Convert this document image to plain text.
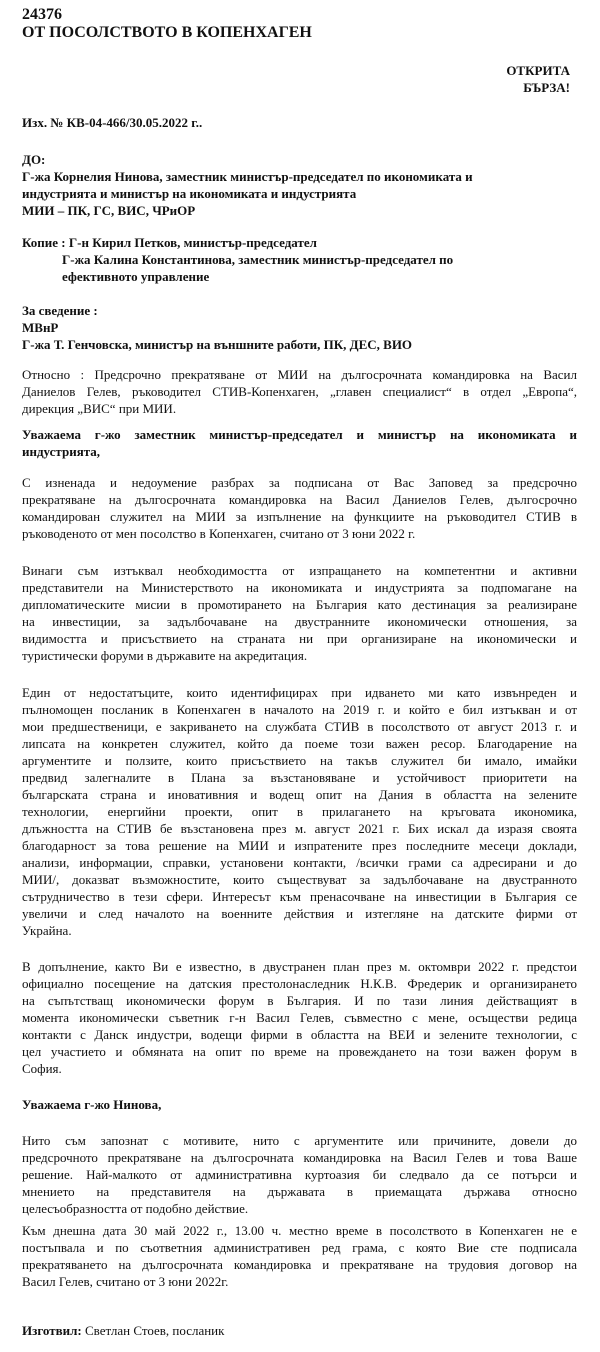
24376
ОТ ПОСОЛСТВОТО В КОПЕНХАГЕН
ОТКРИТА
БЪРЗА!
Изх. № КВ-04-466/30.05.2022 г..
ДО:
Г-жа Корнелия Нинова, заместник министър-председател по икономиката и
индустрията и министър на икономиката и индустрията
МИИ – ПК, ГС, ВИС, ЧРиОР
Копие : Г-н Кирил Петков, министър-председател
Г-жа Калина Константинова, заместник министър-председател по
ефективното управление
За сведение :
МВнР
Г-жа Т. Генчовска, министър на външните работи, ПК, ДЕС, ВИО
Относно : Предсрочно прекратяване от МИИ на дългосрочната командировка на Васил
Даниелов Гелев, ръководител СТИВ-Копенхаген, „главен специалист“ в отдел „Европа“,
дирекция „ВИС“ при МИИ.
Уважаема г-жо заместник министър-председател и министър на икономиката и
индустрията,
С изненада и недоумение разбрах за подписана от Вас Заповед за предсрочно
прекратяване на дългосрочната командировка на Васил Даниелов Гелев, дългосрочно
командирован служител на МИИ за изпълнение на функциите на ръководител СТИВ в
ръководеното от мен посолство в Копенхаген, считано от 3 юни 2022 г.
Винаги съм изтъквал необходимостта от изпращането на компетентни и активни
представители на Министерството на икономиката и индустрията за подпомагане на
дипломатическите мисии в промотирането на България като дестинация за реализиране
на инвестиции, за задълбочаване на двустранните икономически отношения, за
видимостта и присъствието на страната ни при организиране на икономически и
туристически форуми в държавите на акредитация.
Един от недостатъците, които идентифицирах при идването ми като извънреден и
пълномощен посланик в Копенхаген в началото на 2019 г. и който е бил изтъкван и от
мои предшественици, е закриването на службата СТИВ в посолството от август 2013 г. и
липсата на конкретен служител, който да поеме този важен ресор. Благодарение на
аргументите и ползите, които присъствието на такъв служител би имало, имайки
предвид залегналите в Плана за възстановяване и устойчивост приоритети на
българската страна и иновативния и водещ опит на Дания в областта на зелените
технологии, енергийни проекти, опит в прилагането на кръговата икономика,
длъжността на СТИВ бе възстановена през м. август 2021 г. Бих искал да изразя своята
благодарност за това решение на МИИ и изпратените през последните месеци доклади,
анализи, информации, справки, установени контакти, /всички грами са адресирани и до
МИИ/, доказват възможностите, които съществуват за задълбочаване на двустранното
сътрудничество в тези сфери. Интересът към пренасочване на инвестиции в България се
увеличи и след началото на военните действия и изтегляне на датските фирми от
Украйна.
В допълнение, както Ви е известно, в двустранен план през м. октомври 2022 г. предстои
официално посещение на датския престолонаследник Н.К.В. Фредерик и организирането
на съпътстващ икономически форум в България. И по тази линия действащият в
момента икономически съветник г-н Васил Гелев, съвместно с мене, осъществи редица
контакти с Данск индустри, водещи фирми в областта на ВЕИ и зелените технологии, с
цел участието и обмяната на опит по време на провеждането на този важен форум в
София.
Уважаема г-жо Нинова,
Нито съм запознат с мотивите, нито с аргументите или причините, довели до
предсрочното прекратяване на дългосрочната командировка на Васил Гелев и това Ваше
решение. Най-малкото от административна куртоазия би следвало да се потърси и
мнението на представителя на държавата в приемащата държава относно
целесъобразността от подобно действие.
Към днешна дата 30 май 2022 г., 13.00 ч. местно време в посолството в Копенхаген не е
постъпвала и по съответния административен ред грама, с която Вие сте подписала
прекратяването на дългосрочната командировка и прекратяване на трудовия договор на
Васил Гелев, считано от 3 юни 2022г.
Изготвил: Светлан Стоев, посланик
